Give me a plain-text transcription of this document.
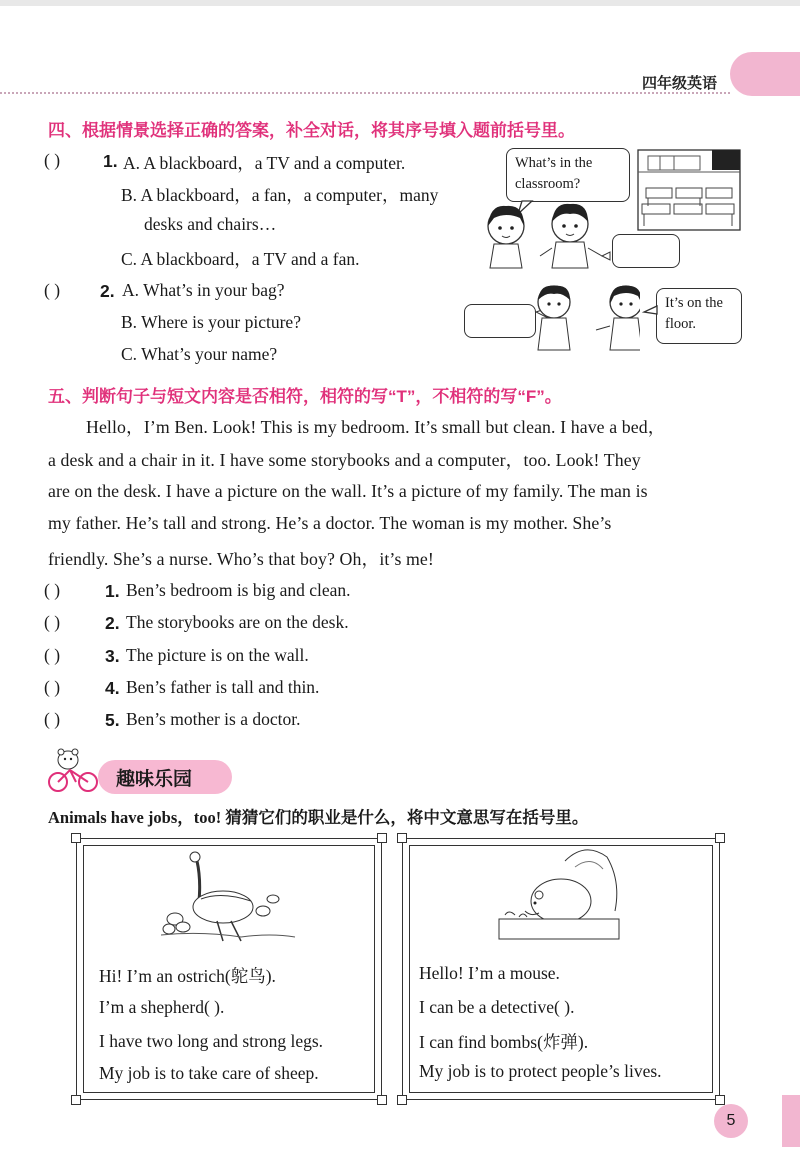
四年级英语
四、根据情景选择正确的答案，补全对话，将其序号填入题前括号里。
( ) 1. A. A blackboard，a TV and a computer.
B. A blackboard，a fan，a computer，many
desks and chairs…
C. A blackboard，a TV and a fan.
( ) 2. A. What’s in your bag?
B. Where is your picture?
C. What’s your name?
What’s in the classroom?
It’s on the floor.
五、判断句子与短文内容是否相符，相符的写“T”，不相符的写“F”。
Hello，I’m Ben. Look! This is my bedroom. It’s small but clean. I have a bed，
a desk and a chair in it. I have some storybooks and a computer，too. Look! They
are on the desk. I have a picture on the wall. It’s a picture of my family. The man is
my father. He’s tall and strong. He’s a doctor. The woman is my mother. She’s
friendly. She’s a nurse. Who’s that boy? Oh，it’s me!
( )	1. Ben’s bedroom is big and clean.
( )	2. The storybooks are on the desk.
( )	3. The picture is on the wall.
( )	4. Ben’s father is tall and thin.
( )	5. Ben’s mother is a doctor.
趣味乐园
Animals have jobs，too! 猜猜它们的职业是什么，将中文意思写在括号里。
Hi! I’m an ostrich(鸵鸟).
I’m a shepherd( ).
I have two long and strong legs.
My job is to take care of sheep.
Hello! I’m a mouse.
I can be a detective( ).
I can find bombs(炸弹).
My job is to protect people’s lives.
5
